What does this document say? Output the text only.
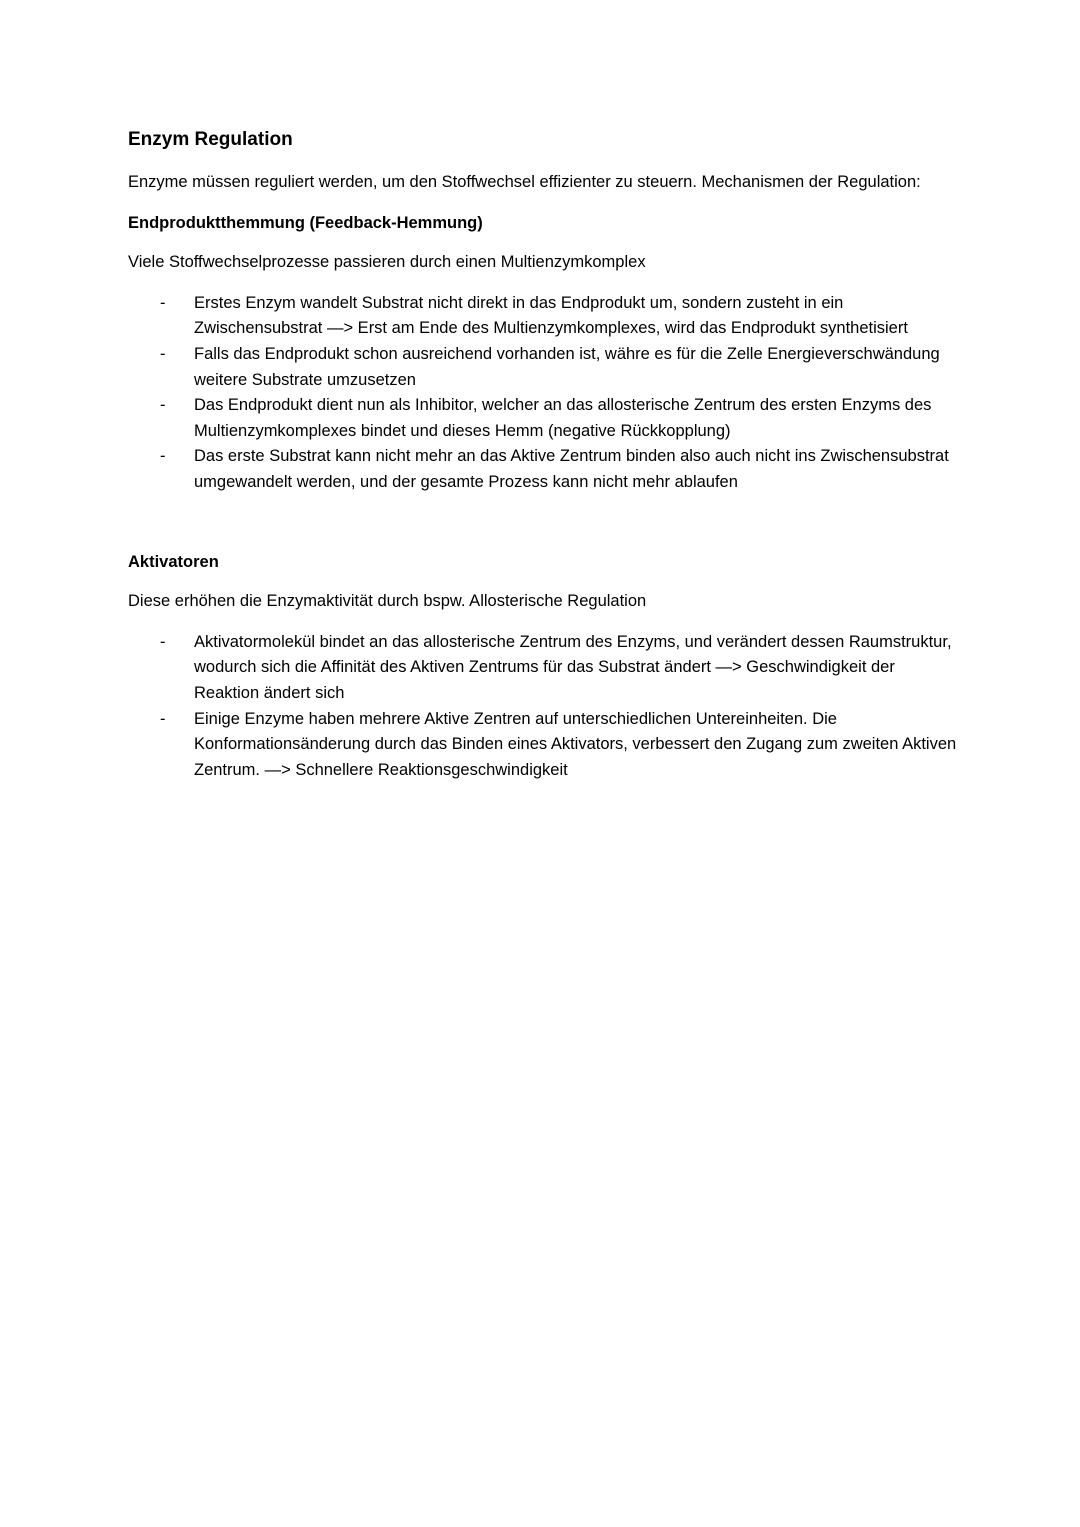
Enzym Regulation

Enzyme müssen reguliert werden, um den Stoffwechsel effizienter zu steuern. Mechanismen der Regulation:

Endproduktthemmung (Feedback-Hemmung)

Viele Stoffwechselprozesse passieren durch einen Multienzymkomplex

- Erstes Enzym wandelt Substrat nicht direkt in das Endprodukt um, sondern zusteht in ein Zwischensubstrat —> Erst am Ende des Multienzymkomplexes, wird das Endprodukt synthetisiert
- Falls das Endprodukt schon ausreichend vorhanden ist, währe es für die Zelle Energieverschwändung weitere Substrate umzusetzen
- Das Endprodukt dient nun als Inhibitor, welcher an das allosterische Zentrum des ersten Enzyms des Multienzymkomplexes bindet und dieses Hemm (negative Rückkopplung)
- Das erste Substrat kann nicht mehr an das Aktive Zentrum binden also auch nicht ins Zwischensubstrat umgewandelt werden, und der gesamte Prozess kann nicht mehr ablaufen

Aktivatoren

Diese erhöhen die Enzymaktivität durch bspw. Allosterische Regulation

- Aktivatormolekül bindet an das allosterische Zentrum des Enzyms, und verändert dessen Raumstruktur, wodurch sich die Affinität des Aktiven Zentrums für das Substrat ändert —> Geschwindigkeit der Reaktion ändert sich
- Einige Enzyme haben mehrere Aktive Zentren auf unterschiedlichen Untereinheiten. Die Konformationsänderung durch das Binden eines Aktivators, verbessert den Zugang zum zweiten Aktiven Zentrum. —> Schnellere Reaktionsgeschwindigkeit
